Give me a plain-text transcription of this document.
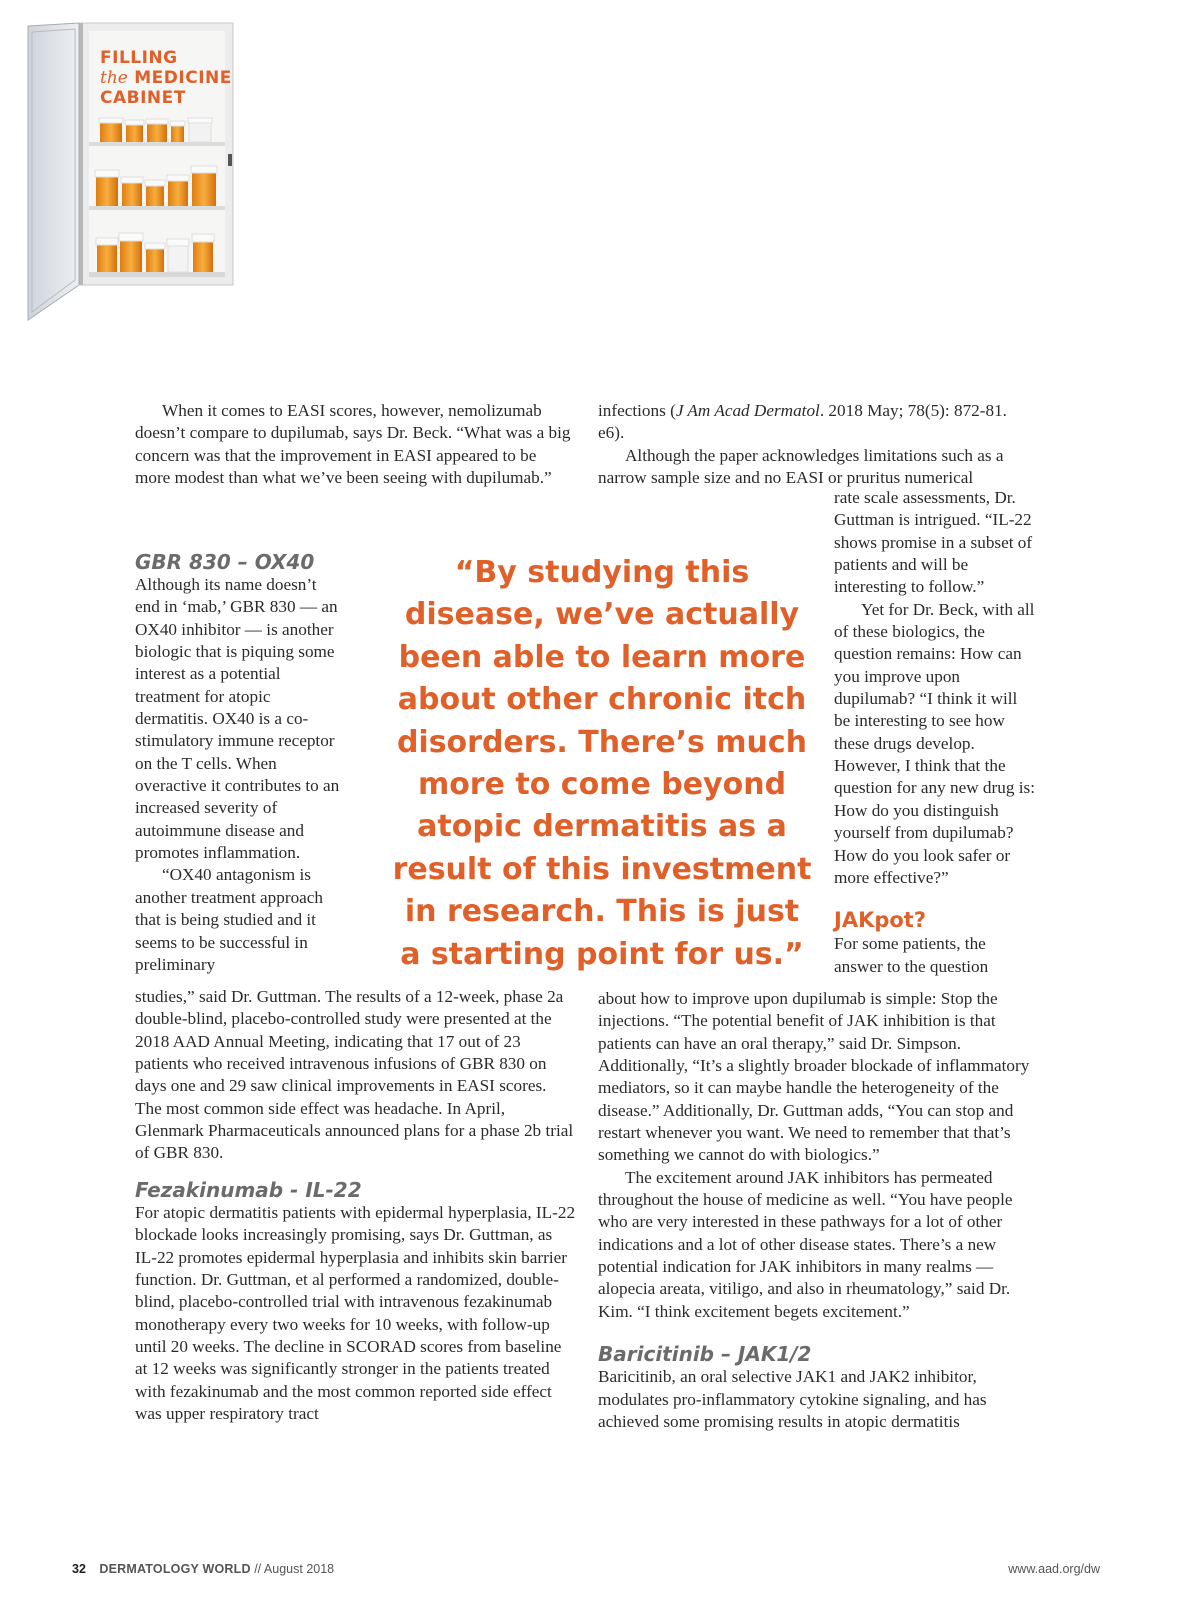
FILLING
the MEDICINE
CABINET

When it comes to EASI scores, however, nemolizumab doesn’t compare to dupilumab, says Dr. Beck. “What was a big concern was that the improvement in EASI appeared to be more modest than what we’ve been seeing with dupilumab.”

GBR 830 – OX40

Although its name doesn’t end in ‘mab,’ GBR 830 — an OX40 inhibitor — is another biologic that is piquing some interest as a potential treatment for atopic dermatitis. OX40 is a co-stimulatory immune receptor on the T cells. When overactive it contributes to an increased severity of autoimmune disease and promotes inflammation.

“OX40 antagonism is another treatment approach that is being studied and it seems to be successful in preliminary

studies,” said Dr. Guttman. The results of a 12-week, phase 2a double-blind, placebo-controlled study were presented at the 2018 AAD Annual Meeting, indicating that 17 out of 23 patients who received intravenous infusions of GBR 830 on days one and 29 saw clinical improvements in EASI scores. The most common side effect was headache. In April, Glenmark Pharmaceuticals announced plans for a phase 2b trial of GBR 830.

Fezakinumab - IL-22

For atopic dermatitis patients with epidermal hyperplasia, IL-22 blockade looks increasingly promising, says Dr. Guttman, as IL-22 promotes epidermal hyperplasia and inhibits skin barrier function. Dr. Guttman, et al performed a randomized, double-blind, placebo-controlled trial with intravenous fezakinumab monotherapy every two weeks for 10 weeks, with follow-up until 20 weeks. The decline in SCORAD scores from baseline at 12 weeks was significantly stronger in the patients treated with fezakinumab and the most common reported side effect was upper respiratory tract

infections (J Am Acad Dermatol. 2018 May; 78(5): 872-81. e6).

Although the paper acknowledges limitations such as a narrow sample size and no EASI or pruritus numerical

rate scale assessments, Dr. Guttman is intrigued. “IL-22 shows promise in a subset of patients and will be interesting to follow.”

Yet for Dr. Beck, with all of these biologics, the question remains: How can you improve upon dupilumab? “I think it will be interesting to see how these drugs develop. However, I think that the question for any new drug is: How do you distinguish yourself from dupilumab? How do you look safer or more effective?”

JAKpot?

For some patients, the answer to the question

about how to improve upon dupilumab is simple: Stop the injections. “The potential benefit of JAK inhibition is that patients can have an oral therapy,” said Dr. Simpson. Additionally, “It’s a slightly broader blockade of inflammatory mediators, so it can maybe handle the heterogeneity of the disease.” Additionally, Dr. Guttman adds, “You can stop and restart whenever you want. We need to remember that that’s something we cannot do with biologics.”

The excitement around JAK inhibitors has permeated throughout the house of medicine as well. “You have people who are very interested in these pathways for a lot of other indications and a lot of other disease states. There’s a new potential indication for JAK inhibitors in many realms — alopecia areata, vitiligo, and also in rheumatology,” said Dr. Kim. “I think excitement begets excitement.”

Baricitinib – JAK1/2

Baricitinib, an oral selective JAK1 and JAK2 inhibitor, modulates pro-inflammatory cytokine signaling, and has achieved some promising results in atopic dermatitis

“By studying this disease, we’ve actually been able to learn more about other chronic itch disorders. There’s much more to come beyond atopic dermatitis as a result of this investment in research. This is just a starting point for us.”

32 DERMATOLOGY WORLD // August 2018	www.aad.org/dw
